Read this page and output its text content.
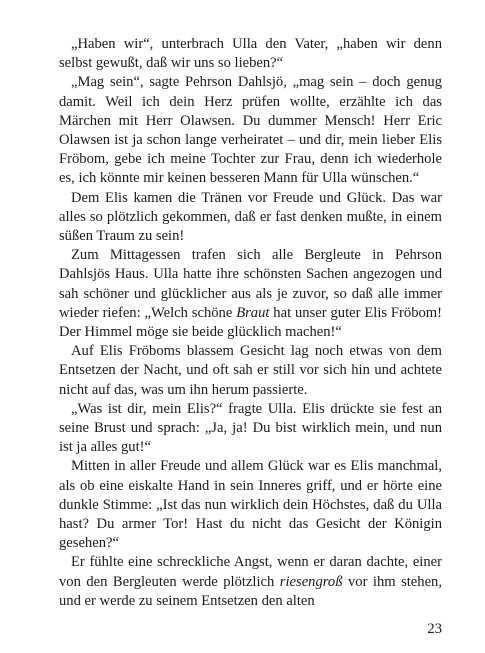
„Haben wir“, unterbrach Ulla den Vater, „haben wir denn selbst gewußt, daß wir uns so lieben?“

„Mag sein“, sagte Pehrson Dahlsjö, „mag sein – doch genug damit. Weil ich dein Herz prüfen wollte, erzählte ich das Märchen mit Herr Olawsen. Du dummer Mensch! Herr Eric Olawsen ist ja schon lange verheiratet – und dir, mein lieber Elis Fröbom, gebe ich meine Tochter zur Frau, denn ich wiederhole es, ich könnte mir keinen besseren Mann für Ulla wünschen.“

Dem Elis kamen die Tränen vor Freude und Glück. Das war alles so plötzlich gekommen, daß er fast denken mußte, in einem süßen Traum zu sein!

Zum Mittagessen trafen sich alle Bergleute in Pehrson Dahlsjös Haus. Ulla hatte ihre schönsten Sachen angezogen und sah schöner und glücklicher aus als je zuvor, so daß alle immer wieder riefen: „Welch schöne Braut hat unser guter Elis Fröbom! Der Himmel möge sie beide glücklich machen!“

Auf Elis Fröboms blassem Gesicht lag noch etwas von dem Entsetzen der Nacht, und oft sah er still vor sich hin und achtete nicht auf das, was um ihn herum passierte.

„Was ist dir, mein Elis?“ fragte Ulla. Elis drückte sie fest an seine Brust und sprach: „Ja, ja! Du bist wirklich mein, und nun ist ja alles gut!“

Mitten in aller Freude und allem Glück war es Elis manchmal, als ob eine eiskalte Hand in sein Inneres griff, und er hörte eine dunkle Stimme: „Ist das nun wirklich dein Höchstes, daß du Ulla hast? Du armer Tor! Hast du nicht das Gesicht der Königin gesehen?“

Er fühlte eine schreckliche Angst, wenn er daran dachte, einer von den Bergleuten werde plötzlich riesengroß vor ihm stehen, und er werde zu seinem Entsetzen den alten

23
